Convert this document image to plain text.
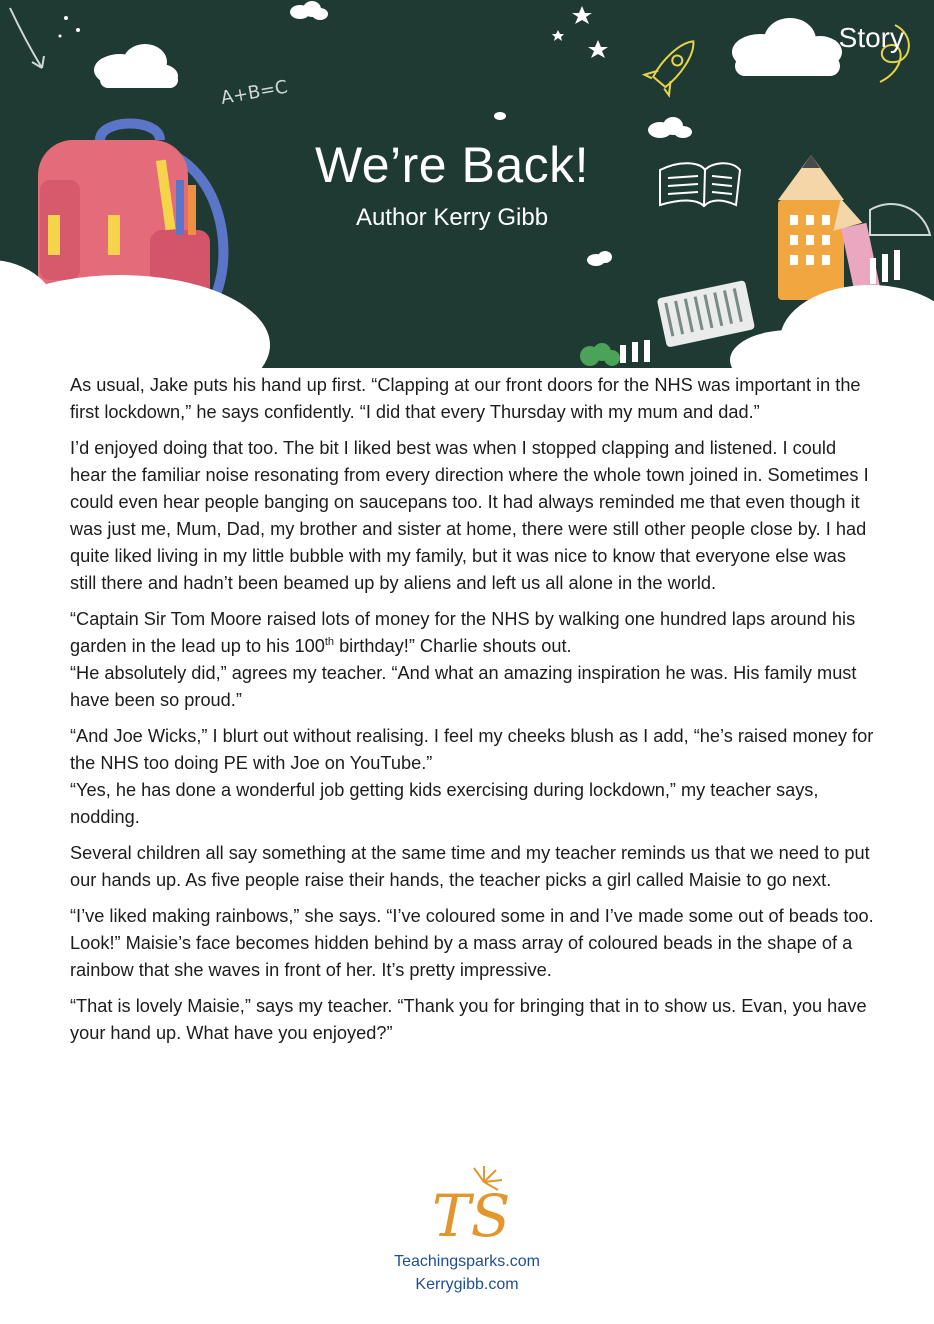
A+B=C
Story
We’re Back!
Author Kerry Gibb

As usual, Jake puts his hand up first. “Clapping at our front doors for the NHS was important in the first lockdown,” he says confidently. “I did that every Thursday with my mum and dad.”

I’d enjoyed doing that too. The bit I liked best was when I stopped clapping and listened. I could hear the familiar noise resonating from every direction where the whole town joined in. Sometimes I could even hear people banging on saucepans too. It had always reminded me that even though it was just me, Mum, Dad, my brother and sister at home, there were still other people close by. I had quite liked living in my little bubble with my family, but it was nice to know that everyone else was still there and hadn’t been beamed up by aliens and left us all alone in the world.

“Captain Sir Tom Moore raised lots of money for the NHS by walking one hundred laps around his garden in the lead up to his 100th birthday!” Charlie shouts out.
“He absolutely did,” agrees my teacher. “And what an amazing inspiration he was. His family must have been so proud.”

“And Joe Wicks,” I blurt out without realising. I feel my cheeks blush as I add, “he’s raised money for the NHS too doing PE with Joe on YouTube.”
“Yes, he has done a wonderful job getting kids exercising during lockdown,” my teacher says, nodding.

Several children all say something at the same time and my teacher reminds us that we need to put our hands up. As five people raise their hands, the teacher picks a girl called Maisie to go next.

“I’ve liked making rainbows,” she says. “I’ve coloured some in and I’ve made some out of beads too. Look!” Maisie’s face becomes hidden behind by a mass array of coloured beads in the shape of a rainbow that she waves in front of her. It’s pretty impressive.

“That is lovely Maisie,” says my teacher. “Thank you for bringing that in to show us. Evan, you have your hand up. What have you enjoyed?”

TS
Teachingsparks.com
Kerrygibb.com
